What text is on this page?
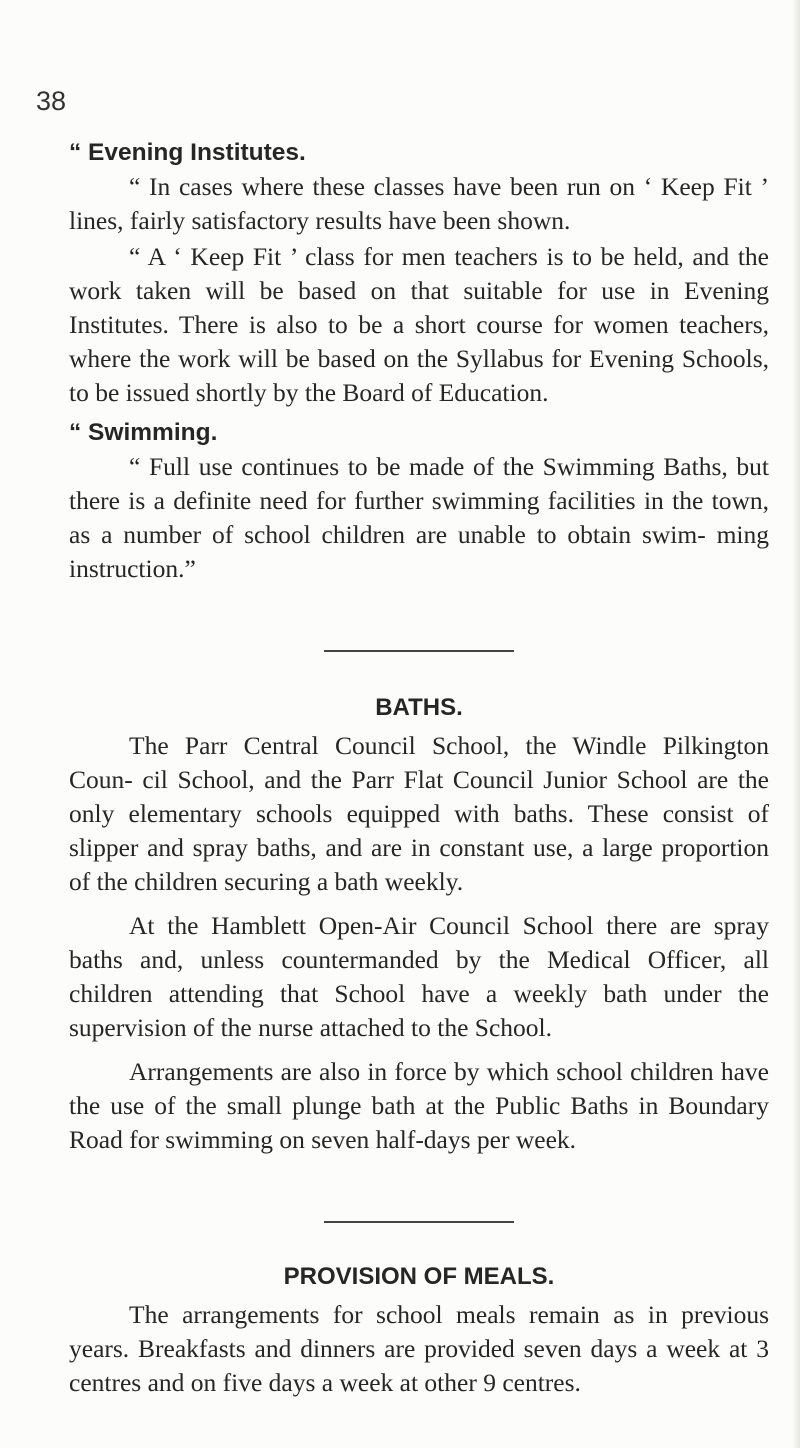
38

“ Evening Institutes.

“ In cases where these classes have been run on ‘ Keep Fit ’ lines, fairly satisfactory results have been shown.

“ A ‘ Keep Fit ’ class for men teachers is to be held, and the work taken will be based on that suitable for use in Evening Institutes. There is also to be a short course for women teachers, where the work will be based on the Syllabus for Evening Schools, to be issued shortly by the Board of Education.

“ Swimming.

“ Full use continues to be made of the Swimming Baths, but there is a definite need for further swimming facilities in the town, as a number of school children are unable to obtain swim- ming instruction.”

BATHS.

The Parr Central Council School, the Windle Pilkington Coun- cil School, and the Parr Flat Council Junior School are the only elementary schools equipped with baths. These consist of slipper and spray baths, and are in constant use, a large proportion of the children securing a bath weekly.

At the Hamblett Open-Air Council School there are spray baths and, unless countermanded by the Medical Officer, all children attending that School have a weekly bath under the supervision of the nurse attached to the School.

Arrangements are also in force by which school children have the use of the small plunge bath at the Public Baths in Boundary Road for swimming on seven half-days per week.

PROVISION OF MEALS.

The arrangements for school meals remain as in previous years. Breakfasts and dinners are provided seven days a week at 3 centres and on five days a week at other 9 centres.
